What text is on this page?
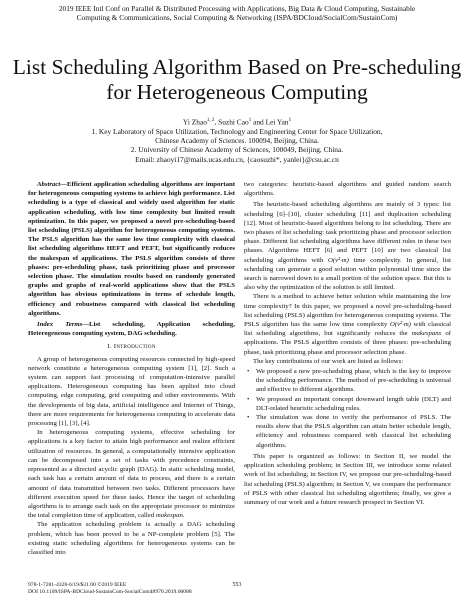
2019 IEEE Intl Conf on Parallel & Distributed Processing with Applications, Big Data & Cloud Computing, Sustainable
Computing & Communications, Social Computing & Networking (ISPA/BDCloud/SocialCom/SustainCom)
List Scheduling Algorithm Based on Pre-scheduling
for Heterogeneous Computing
Yi Zhao$^{1, 2}$, Suzhi Cao$^1$ and Lei Yan$^1$
1. Key Laboratory of Space Utilization, Technology and Engineering Center for Space Utilization,
Chinese Academy of Sciences. 100094, Beijing, China.
2. University of Chinese Academy of Sciences, 100049, Beijing, China.
Email: zhaoyi17@mails.ucas.edu.cn, {caosuzhi*, yanlei}@csu.ac.cn

Abstract—Efficient application scheduling algorithms are important for heterogeneous computing systems to achieve high performance. List scheduling is a type of classical and widely used algorithm for static application scheduling, with low time complexity but limited result optimization. In this paper, we proposed a novel pre-scheduling-based list scheduling (PSLS) algorithm for heterogeneous computing systems. The PSLS algorithm has the same low time complexity with classical list scheduling algorithms HEFT and PEFT, but significantly reduces the makespan of applications. The PSLS algorithm consists of three phases: pre-scheduling phase, task prioritizing phase and processor selection phase. The simulation results based on randomly generated graphs and graphs of real-world applications show that the PSLS algorithm has obvious optimizations in terms of schedule length, efficiency and robustness compared with classical list scheduling algorithms.

Index Terms—List scheduling, Application scheduling, Heterogeneous computing system, DAG scheduling.

I. Introduction

A group of heterogeneous computing resources connected by high-speed network constitute a heterogeneous computing system [1], [2]. Such a system can support fast processing of computation-intensive parallel applications. Heterogeneous computing has been applied into cloud computing, edge computing, grid computing and other environments. With the developments of big data, artificial intelligence and Internet of Things, there are more requirements for heterogeneous computing to accelerate data processing [1], [3], [4].

In heterogeneous computing systems, effective scheduling for applications is a key factor to attain high performance and realize efficient utilization of resources. In general, a computationally intensive application can be decomposed into a set of tasks with precedence constraints, represented as a directed acyclic graph (DAG). In static scheduling model, each task has a certain amount of data to process, and there is a certain amount of data transmitted between two tasks. Different processors have different execution speed for these tasks. Hence the target of scheduling algorithms is to arrange each task on the appropriate processor to minimize the total completion time of application, called makespan.

The application scheduling problem is actually a DAG scheduling problem, which has been proved to be a NP-complete problem [5]. The existing static scheduling algorithms for heterogeneous systems can be classified into

two categories: heuristic-based algorithms and guided random search algorithms.

The heuristic-based scheduling algorithms are mainly of 3 types: list scheduling [6]–[10], cluster scheduling [11] and duplication scheduling [12]. Most of heuristic-based algorithms belong to list scheduling. There are two phases of list scheduling: task prioritizing phase and processor selection phase. Different list scheduling algorithms have different rules in these two phases. Algorithms HEFT [6] and PEFT [10] are two classical list scheduling algorithms with O(v²·m) time complexity. In general, list scheduling can generate a good solution within polynomial time since the search is narrowed down to a small portion of the solution space. But this is also why the optimization of the solution is still limited.

There is a method to achieve better solution while maintaining the low time complexity? In this paper, we proposed a novel pre-scheduling-based list scheduling (PSLS) algorithm for heterogeneous computing systems. The PSLS algorithm has the same low time complexity O(v²·m) with classical list scheduling algorithms, but significantly reduces the makespans of applications. The PSLS algorithm consists of three phases: pre-scheduling phase, task prioritizing phase and processor selection phase.

The key contributions of our work are listed as follows:

• We proposed a new pre-scheduling phase, which is the key to improve the scheduling performance. The method of pre-scheduling is universal and effective to different algorithms.
• We proposed an important concept downward length table (DLT) and DLT-related heuristic scheduling rules.
• The simulation was done to verify the performance of PSLS. The results show that the PSLS algorithm can attain better schedule length, efficiency and robustness compared with classical list scheduling algorithms.

This paper is organized as follows: in Section II, we model the application scheduling problem; in Section III, we introduce some related work of list scheduling; in Section IV, we propose our pre-scheduling-based list scheduling (PSLS) algorithm; in Section V, we compare the performance of PSLS with other classical list scheduling algorithms; finally, we give a summary of our work and a future research prospect in Section VI.

978-1-7281-4328-6/19/$31.00 ©2019 IEEE
DOI 10.1109/ISPA-BDCloud-SustainCom-SocialCom48970.2019.00088
553
